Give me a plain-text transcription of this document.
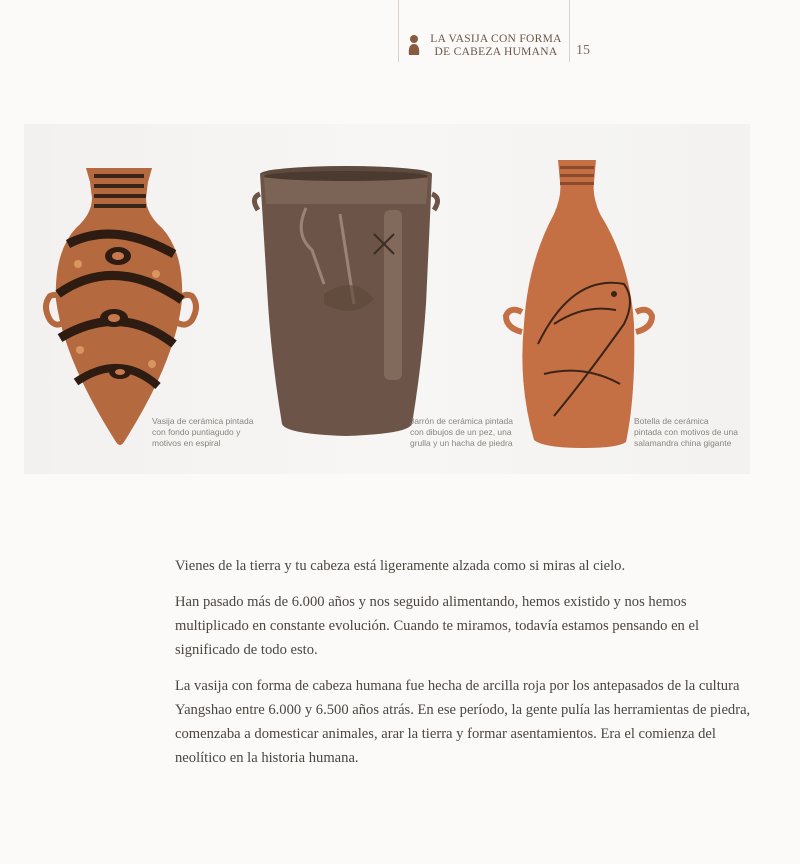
LA VASIJA CON FORMA
DE CABEZA HUMANA	15
Vasija de cerámica pintada
con fondo puntiagudo y
motivos en espiral
Jarrón de cerámica pintada
con dibujos de un pez, una
grulla y un hacha de piedra
Botella de cerámica
pintada con motivos de una
salamandra china gigante

Vienes de la tierra y tu cabeza está ligeramente alzada como si miras al cielo.

Han pasado más de 6.000 años y nos seguido alimentando, hemos existido y nos hemos multiplicado en constante evolución. Cuando te miramos, todavía estamos pensando en el significado de todo esto.

La vasija con forma de cabeza humana fue hecha de arcilla roja por los antepasados de la cultura Yangshao entre 6.000 y 6.500 años atrás. En ese período, la gente pulía las herramientas de piedra, comenzaba a domesticar animales, arar la tierra y formar asentamientos. Era el comienza del neolítico en la historia humana.
